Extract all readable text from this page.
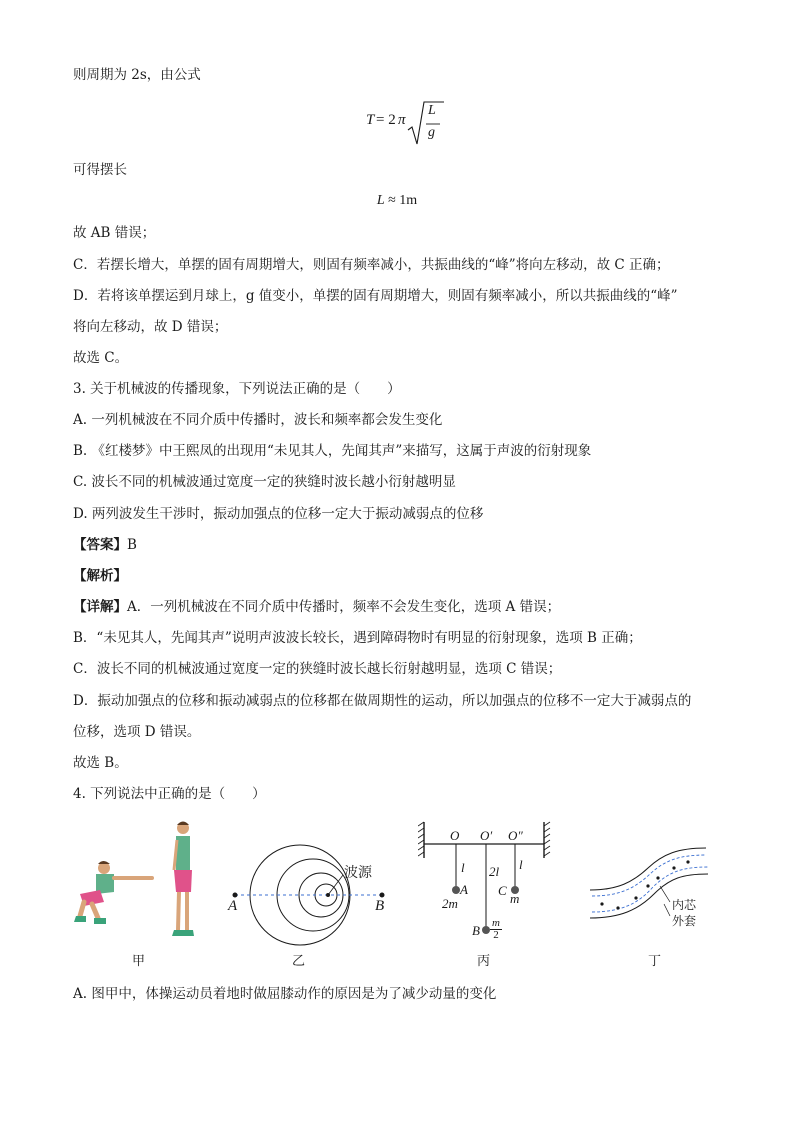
则周期为 2s，由公式
T = 2 π
L
g
可得摆长
L ≈ 1m
故 AB 错误；
C．若摆长增大，单摆的固有周期增大，则固有频率减小，共振曲线的“峰”将向左移动，故 C 正确；
D．若将该单摆运到月球上，g 值变小，单摆的固有周期增大，则固有频率减小，所以共振曲线的“峰”
将向左移动，故 D 错误；
故选 C。
3. 关于机械波的传播现象，下列说法正确的是（　　）
A. 一列机械波在不同介质中传播时，波长和频率都会发生变化
B. 《红楼梦》中王熙凤的出现用“未见其人，先闻其声”来描写，这属于声波的衍射现象
C. 波长不同的机械波通过宽度一定的狭缝时波长越小衍射越明显
D. 两列波发生干涉时，振动加强点的位移一定大于振动减弱点的位移
【答案】B
【解析】
【详解】A．一列机械波在不同介质中传播时，频率不会发生变化，选项 A 错误；
B．“未见其人，先闻其声”说明声波波长较长，遇到障碍物时有明显的衍射现象，选项 B 正确；
C．波长不同的机械波通过宽度一定的狭缝时波长越长衍射越明显，选项 C 错误；
D．振动加强点的位移和振动减弱点的位移都在做周期性的运动，所以加强点的位移不一定大于减弱点的
位移，选项 D 错误。
故选 B。
4. 下列说法中正确的是（　　）
甲
A	B
波源
乙
O O′ O″
l 2l l
A
2m
C
m
B $\frac{m}{2}$
丙
内芯
外套
丁
A. 图甲中，体操运动员着地时做屈膝动作的原因是为了减少动量的变化
